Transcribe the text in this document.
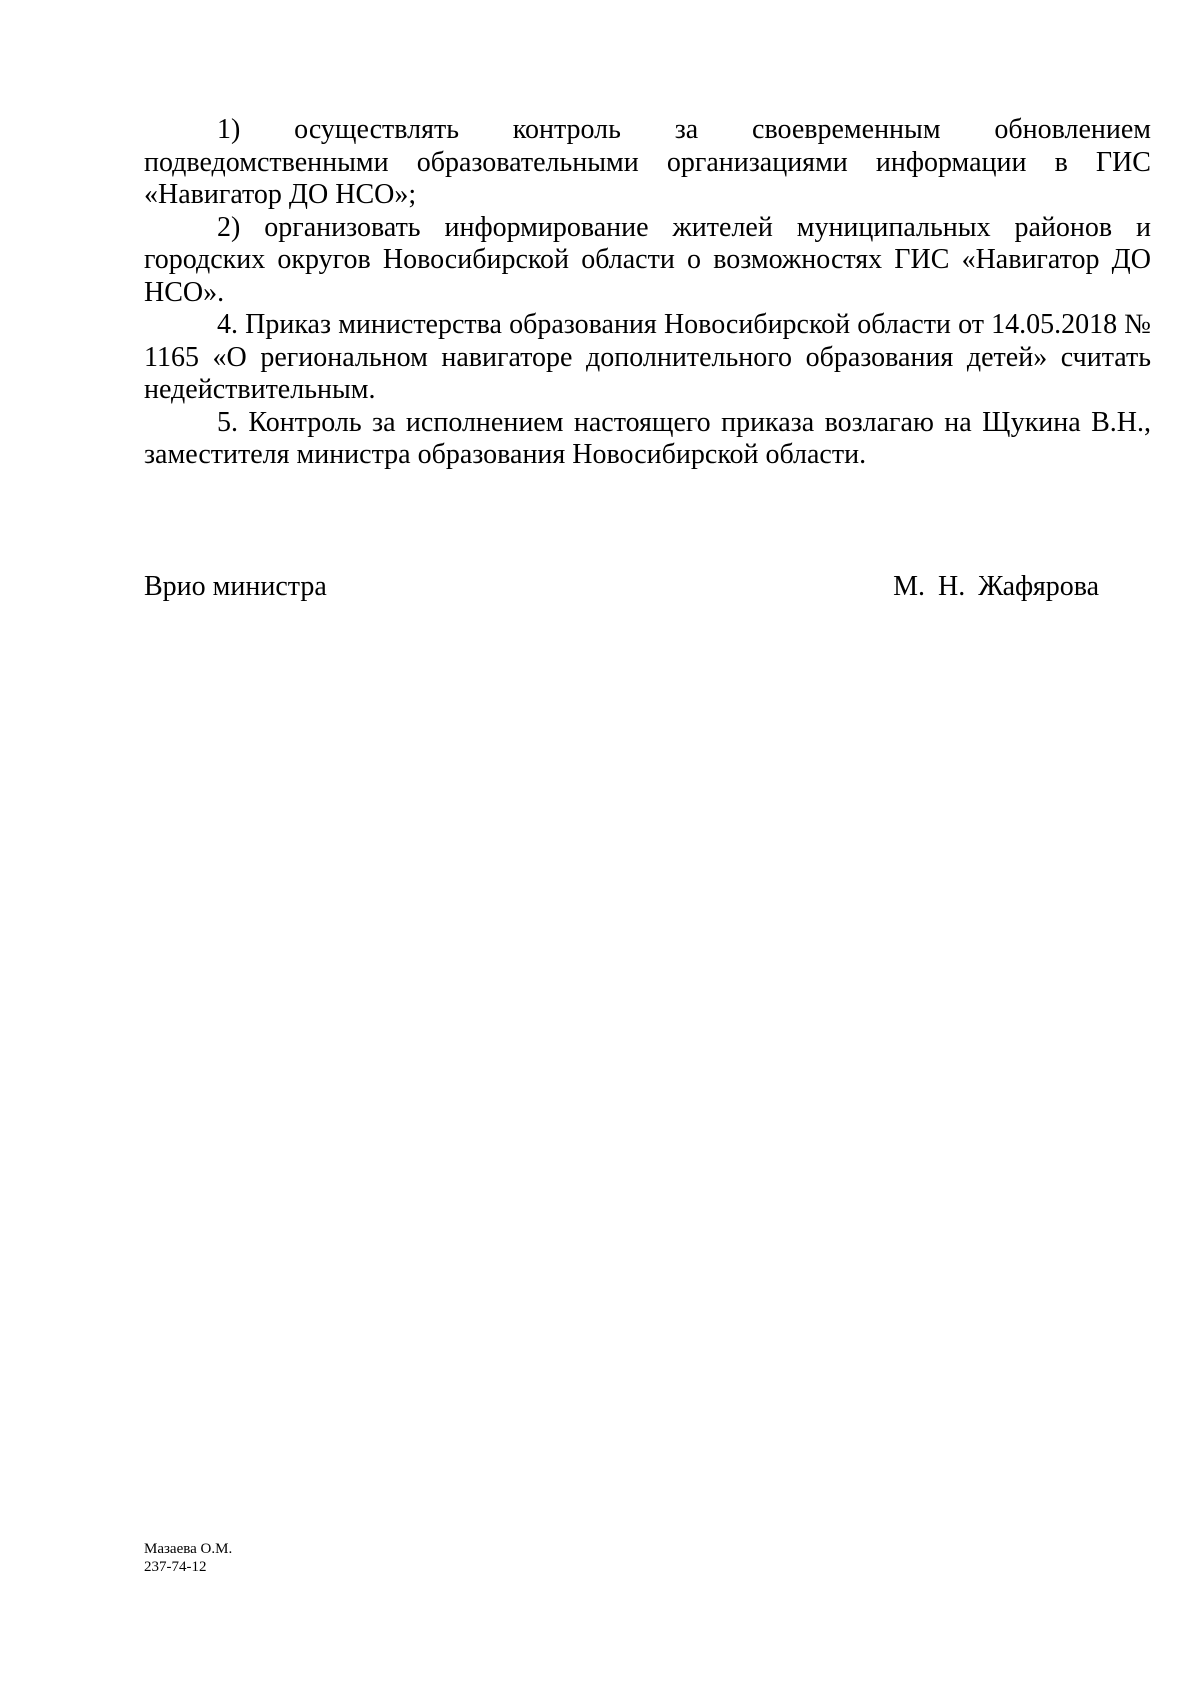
1) осуществлять контроль за своевременным обновлением подведомственными образовательными организациями информации в ГИС «Навигатор ДО НСО»;

2) организовать информирование жителей муниципальных районов и городских округов Новосибирской области о возможностях ГИС «Навигатор ДО НСО».

4. Приказ министерства образования Новосибирской области от 14.05.2018 № 1165 «О региональном навигаторе дополнительного образования детей» считать недействительным.

5. Контроль за исполнением настоящего приказа возлагаю на Щукина В.Н., заместителя министра образования Новосибирской области.

Врио министра	М. Н. Жафярова
Мазаева О.М.
237-74-12
